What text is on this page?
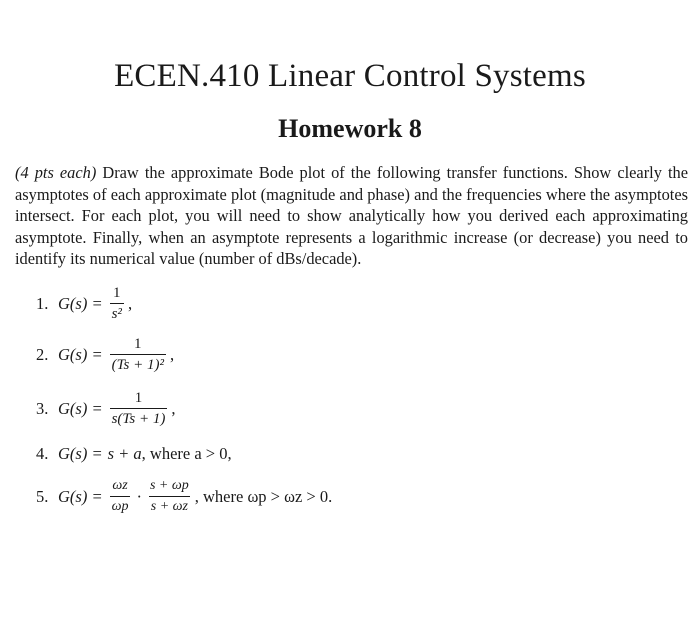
ECEN.410 Linear Control Systems
Homework 8
(4 pts each) Draw the approximate Bode plot of the following transfer functions. Show clearly the asymptotes of each approximate plot (magnitude and phase) and the frequencies where the asymptotes intersect. For each plot, you will need to show analytically how you derived each approximating asymptote. Finally, when an asymptote represents a logarithmic increase (or decrease) you need to identify its numerical value (number of dBs/decade).
1. $G(s) = \frac{1}{\text{s²}}$ ,
2. $G(s) = \frac{1}{\text{(Ts + 1)²}}$ ,
3. $G(s) = \frac{1}{s(Ts + 1)}$ ,
4. G(s) = s + a , where a > 0,
5. $G(s) = \frac{\omega z}{\omega p} \cdot \frac{s + \omega p}{s + \omega z}$ , where ωp > ωz > 0.
